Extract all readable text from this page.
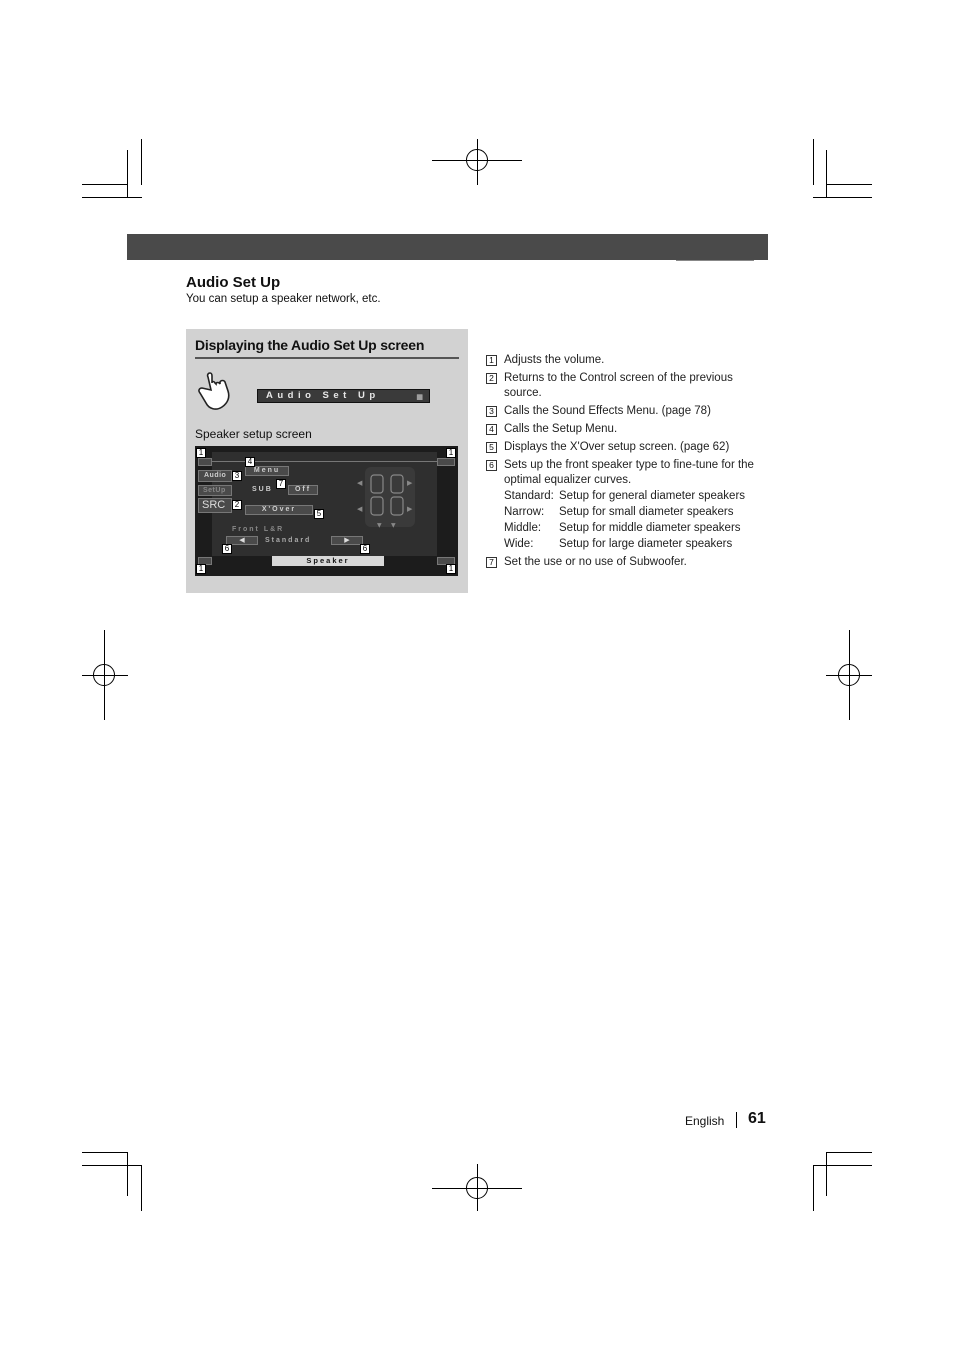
Audio Set Up
You can setup a speaker network, etc.
Displaying the Audio Set Up screen
Audio Set Up	▦
Speaker setup screen
Audio
SetUp
SRC
Menu
SUB	Off
X'Over
◀	▶
◀	▶
▼ ▼
Front L&R
◀	Standard	▶
Speaker
1	1
1	1
2
3
4
5
6	6
7
1 Adjusts the volume.
2 Returns to the Control screen of the previous source.
3 Calls the Sound Effects Menu. (page 78)
4 Calls the Setup Menu.
5 Displays the X'Over setup screen. (page 62)
6 Sets up the front speaker type to fine-tune for the optimal equalizer curves.
Standard: Setup for general diameter speakers
Narrow: Setup for small diameter speakers
Middle: Setup for middle diameter speakers
Wide: Setup for large diameter speakers
7 Set the use or no use of Subwoofer.
English 61
